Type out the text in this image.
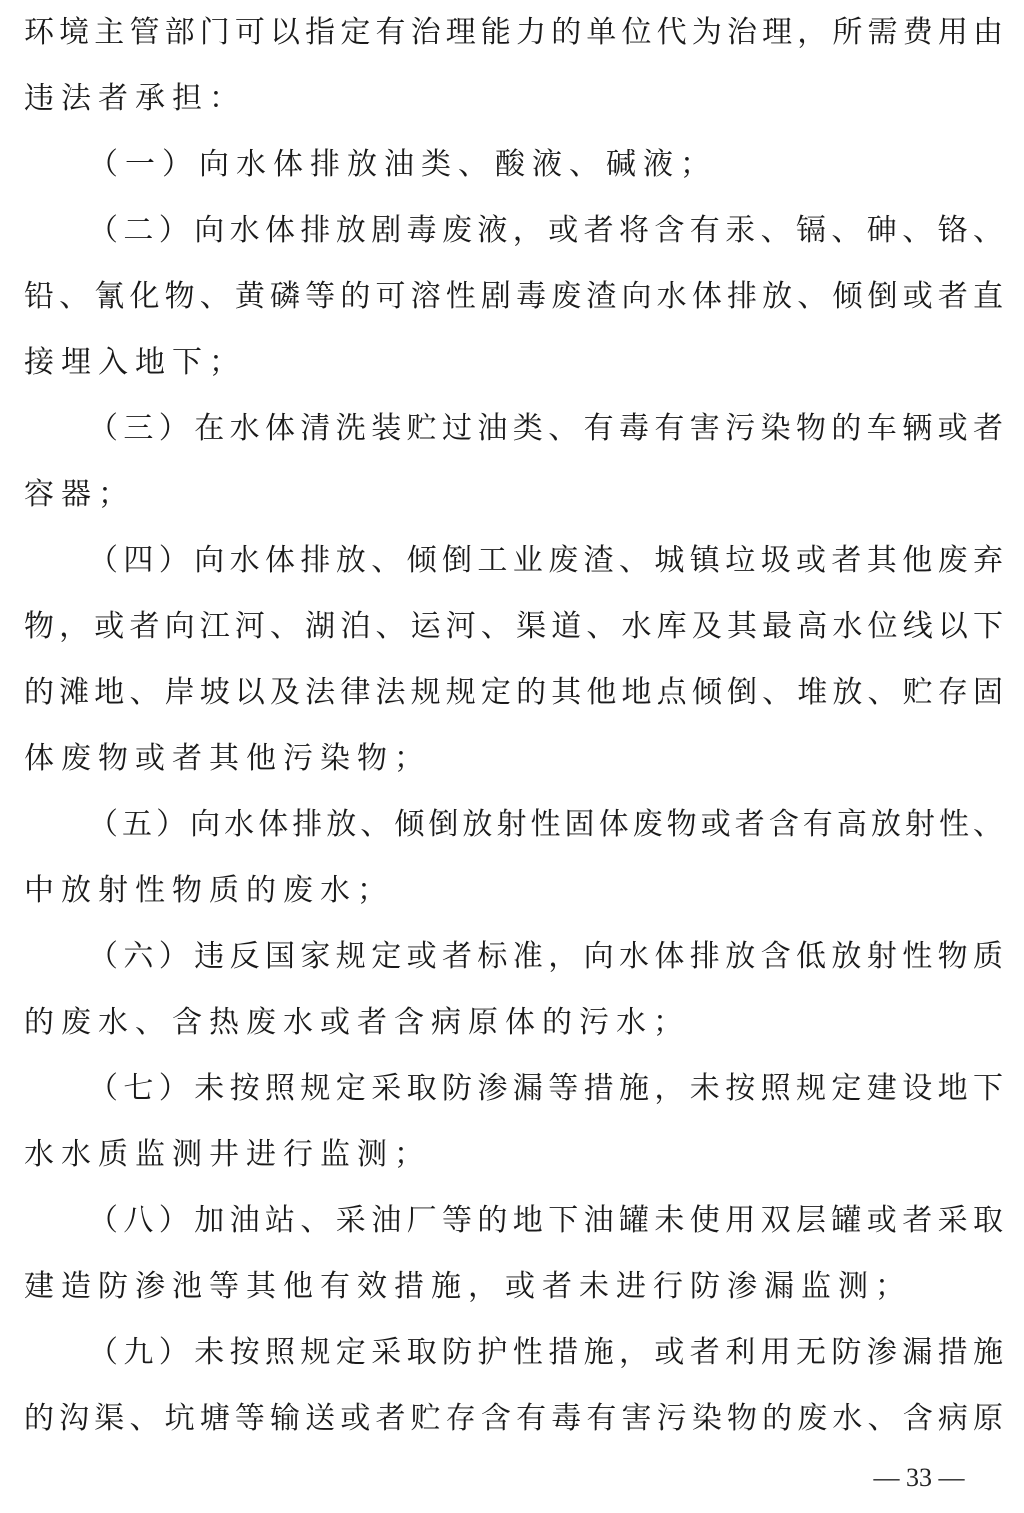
环境主管部门可以指定有治理能力的单位代为治理，所需费用由
违法者承担：
（一）向水体排放油类、酸液、碱液；
（二）向水体排放剧毒废液，或者将含有汞、镉、砷、铬、
铅、氰化物、黄磷等的可溶性剧毒废渣向水体排放、倾倒或者直
接埋入地下；
（三）在水体清洗装贮过油类、有毒有害污染物的车辆或者
容器；
（四）向水体排放、倾倒工业废渣、城镇垃圾或者其他废弃
物，或者向江河、湖泊、运河、渠道、水库及其最高水位线以下
的滩地、岸坡以及法律法规规定的其他地点倾倒、堆放、贮存固
体废物或者其他污染物；
（五）向水体排放、倾倒放射性固体废物或者含有高放射性、
中放射性物质的废水；
（六）违反国家规定或者标准，向水体排放含低放射性物质
的废水、含热废水或者含病原体的污水；
（七）未按照规定采取防渗漏等措施，未按照规定建设地下
水水质监测井进行监测；
（八）加油站、采油厂等的地下油罐未使用双层罐或者采取
建造防渗池等其他有效措施，或者未进行防渗漏监测；
（九）未按照规定采取防护性措施，或者利用无防渗漏措施
的沟渠、坑塘等输送或者贮存含有毒有害污染物的废水、含病原
— 33 —
